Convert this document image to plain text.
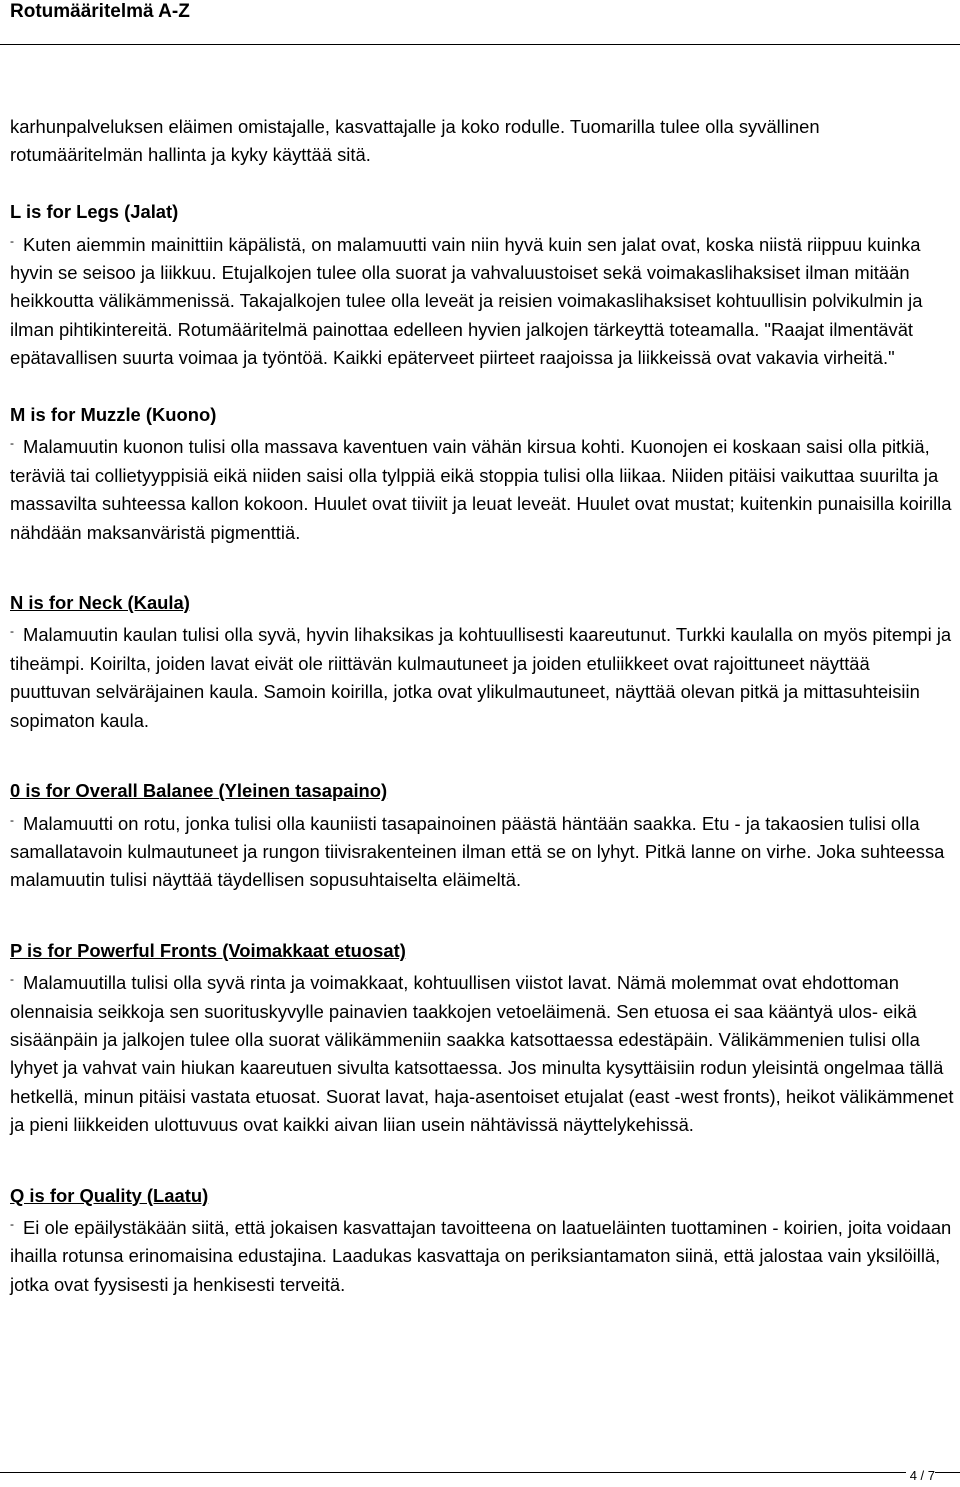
Rotumääritelmä A-Z

karhunpalveluksen eläimen omistajalle, kasvattajalle ja koko rodulle. Tuomarilla tulee olla syvällinen rotumääritelmän hallinta ja kyky käyttää sitä.

L is for Legs (Jalat)

- Kuten aiemmin mainittiin käpälistä, on malamuutti vain niin hyvä kuin sen jalat ovat, koska niistä riippuu kuinka hyvin se seisoo ja liikkuu. Etujalkojen tulee olla suorat ja vahvaluustoiset sekä voimakaslihaksiset ilman mitään heikkoutta välikämmenissä. Takajalkojen tulee olla leveät ja reisien voimakaslihaksiset kohtuullisin polvikulmin ja ilman pihtikintereitä. Rotumääritelmä painottaa edelleen hyvien jalkojen tärkeyttä toteamalla. "Raajat ilmentävät epätavallisen suurta voimaa ja työntöä. Kaikki epäterveet piirteet raajoissa ja liikkeissä ovat vakavia virheitä."

M is for Muzzle (Kuono)

- Malamuutin kuonon tulisi olla massava kaventuen vain vähän kirsua kohti. Kuonojen ei koskaan saisi olla pitkiä, teräviä tai collietyyppisiä eikä niiden saisi olla tylppiä eikä stoppia tulisi olla liikaa. Niiden pitäisi vaikuttaa suurilta ja massavilta suhteessa kallon kokoon. Huulet ovat tiiviit ja leuat leveät. Huulet ovat mustat; kuitenkin punaisilla koirilla nähdään maksanväristä pigmenttiä.

N is for Neck (Kaula)

- Malamuutin kaulan tulisi olla syvä, hyvin lihaksikas ja kohtuullisesti kaareutunut. Turkki kaulalla on myös pitempi ja tiheämpi. Koirilta, joiden lavat eivät ole riittävän kulmautuneet ja joiden etuliikkeet ovat rajoittuneet näyttää puuttuvan selväräjainen kaula. Samoin koirilla, jotka ovat ylikulmautuneet, näyttää olevan pitkä ja mittasuhteisiin sopimaton kaula.

0 is for Overall Balanee (Yleinen tasapaino)

- Malamuutti on rotu, jonka tulisi olla kauniisti tasapainoinen päästä häntään saakka. Etu - ja takaosien tulisi olla samallatavoin kulmautuneet ja rungon tiivisrakenteinen ilman että se on lyhyt. Pitkä lanne on virhe. Joka suhteessa malamuutin tulisi näyttää täydellisen sopusuhtaiselta eläimeltä.

P is for Powerful Fronts (Voimakkaat etuosat)

- Malamuutilla tulisi olla syvä rinta ja voimakkaat, kohtuullisen viistot lavat. Nämä molemmat ovat ehdottoman olennaisia seikkoja sen suorituskyvylle painavien taakkojen vetoeläimenä. Sen etuosa ei saa kääntyä ulos- eikä sisäänpäin ja jalkojen tulee olla suorat välikämmeniin saakka katsottaessa edestäpäin. Välikämmenien tulisi olla lyhyet ja vahvat vain hiukan kaareutuen sivulta katsottaessa. Jos minulta kysyttäisiin rodun yleisintä ongelmaa tällä hetkellä, minun pitäisi vastata etuosat. Suorat lavat, haja-asentoiset etujalat (east -west fronts), heikot välikämmenet ja pieni liikkeiden ulottuvuus ovat kaikki aivan liian usein nähtävissä näyttelykehissä.

Q is for Quality (Laatu)

- Ei ole epäilystäkään siitä, että jokaisen kasvattajan tavoitteena on laatueläinten tuottaminen - koirien, joita voidaan ihailla rotunsa erinomaisina edustajina. Laadukas kasvattaja on periksiantamaton siinä, että jalostaa vain yksilöillä, jotka ovat fyysisesti ja henkisesti terveitä.

4 / 7
